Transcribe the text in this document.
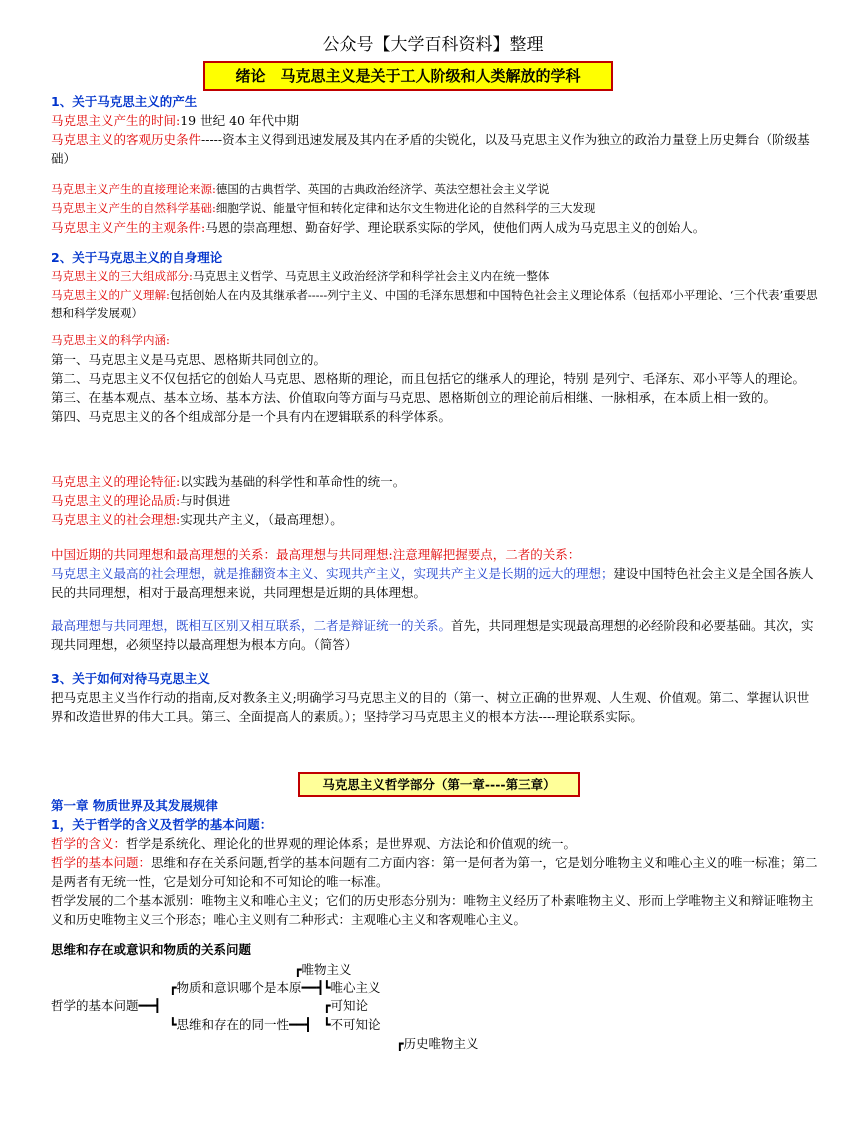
公众号【大学百科资料】整理
绪论　马克思主义是关于工人阶级和人类解放的学科

1、关于马克思主义的产生

马克思主义产生的时间:19 世纪 40 年代中期

马克思主义的客观历史条件-----资本主义得到迅速发展及其内在矛盾的尖锐化，以及马克思主义作为独立的政治力量登上历史舞台（阶级基础）

马克思主义产生的直接理论来源:德国的古典哲学、英国的古典政治经济学、英法空想社会主义学说

马克思主义产生的自然科学基础:细胞学说、能量守恒和转化定律和达尔文生物进化论的自然科学的三大发现

马克思主义产生的主观条件:马恩的崇高理想、勤奋好学、理论联系实际的学风，使他们两人成为马克思主义的创始人。

2、关于马克思主义的自身理论

马克思主义的三大组成部分:马克思主义哲学、马克思主义政治经济学和科学社会主义内在统一整体

马克思主义的广义理解:包括创始人在内及其继承者-----列宁主义、中国的毛泽东思想和中国特色社会主义理论体系（包括邓小平理论、‘三个代表’重要思想和科学发展观）

马克思主义的科学内涵:

第一、马克思主义是马克思、恩格斯共同创立的。

第二、马克思主义不仅包括它的创始人马克思、恩格斯的理论，而且包括它的继承人的理论，特别 是列宁、毛泽东、邓小平等人的理论。

第三、在基本观点、基本立场、基本方法、价值取向等方面与马克思、恩格斯创立的理论前后相继、一脉相承，在本质上相一致的。

第四、马克思主义的各个组成部分是一个具有内在逻辑联系的科学体系。

马克思主义的理论特征:以实践为基础的科学性和革命性的统一。

马克思主义的理论品质:与时俱进

马克思主义的社会理想:实现共产主义，（最高理想）。

中国近期的共同理想和最高理想的关系：最高理想与共同理想:注意理解把握要点，二者的关系：

马克思主义最高的社会理想，就是推翻资本主义、实现共产主义，实现共产主义是长期的远大的理想；建设中国特色社会主义是全国各族人民的共同理想，相对于最高理想来说，共同理想是近期的具体理想。

最高理想与共同理想，既相互区别又相互联系，二者是辩证统一的关系。首先，共同理想是实现最高理想的必经阶段和必要基础。其次，实现共同理想，必须坚持以最高理想为根本方向。（简答）

3、关于如何对待马克思主义

把马克思主义当作行动的指南,反对教条主义;明确学习马克思主义的目的（第一、树立正确的世界观、人生观、价值观。第二、掌握认识世界和改造世界的伟大工具。第三、全面提高人的素质。）；坚持学习马克思主义的根本方法----理论联系实际。

马克思主义哲学部分（第一章----第三章）

第一章 物质世界及其发展规律

1，关于哲学的含义及哲学的基本问题：

哲学的含义：哲学是系统化、理论化的世界观的理论体系；是世界观、方法论和价值观的统一。

哲学的基本问题：思维和存在关系问题,哲学的基本问题有二方面内容：第一是何者为第一，它是划分唯物主义和唯心主义的唯一标准；第二是两者有无统一性，它是划分可知论和不可知论的唯一标准。

哲学发展的二个基本派别：唯物主义和唯心主义；它们的历史形态分别为：唯物主义经历了朴素唯物主义、形而上学唯物主义和辩证唯物主义和历史唯物主义三个形态；唯心主义则有二种形式：主观唯心主义和客观唯心主义。

思维和存在或意识和物质的关系问题

┏唯物主义
┏物质和意识哪个是本原━━┫
┗唯心主义
哲学的基本问题━━┫	┏可知论
┗思维和存在的同一性━━┫ ┗不可知论
┏历史唯物主义
